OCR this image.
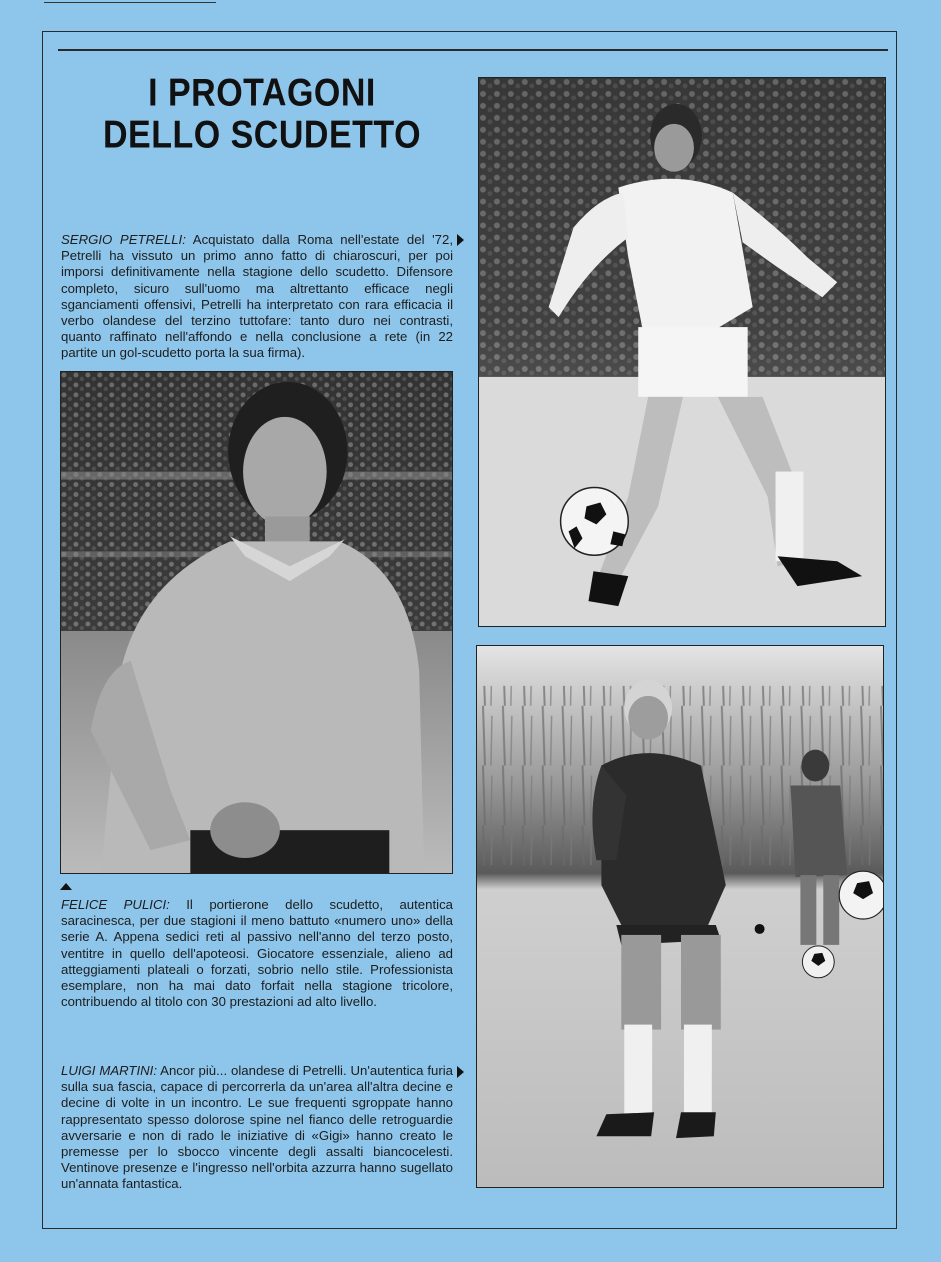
I PROTAGONI
DELLO SCUDETTO
SERGIO PETRELLI: Acquistato dalla Roma nell'estate del '72, Petrelli ha vissuto un primo anno fatto di chiaroscuri, per poi imporsi definitivamente nella stagione dello scudetto. Difensore completo, sicuro sull'uomo ma altrettanto efficace negli sganciamenti offensivi, Petrelli ha interpretato con rara efficacia il verbo olandese del terzino tuttofare: tanto duro nei contrasti, quanto raffinato nell'affondo e nella conclusione a rete (in 22 partite un gol-scudetto porta la sua firma).
FELICE PULICI: Il portierone dello scudetto, autentica saracinesca, per due stagioni il meno battuto «numero uno» della serie A. Appena sedici reti al passivo nell'anno del terzo posto, ventitre in quello dell'apoteosi. Giocatore essenziale, alieno ad atteggiamenti plateali o forzati, sobrio nello stile. Professionista esemplare, non ha mai dato forfait nella stagione tricolore, contribuendo al titolo con 30 prestazioni ad alto livello.
LUIGI MARTINI: Ancor più... olandese di Petrelli. Un'autentica furia sulla sua fascia, capace di percorrerla da un'area all'altra decine e decine di volte in un incontro. Le sue frequenti sgroppate hanno rappresentato spesso dolorose spine nel fianco delle retroguardie avversarie e non di rado le iniziative di «Gigi» hanno creato le premesse per lo sbocco vincente degli assalti biancocelesti. Ventinove presenze e l'ingresso nell'orbita azzurra hanno sugellato un'annata fantastica.
